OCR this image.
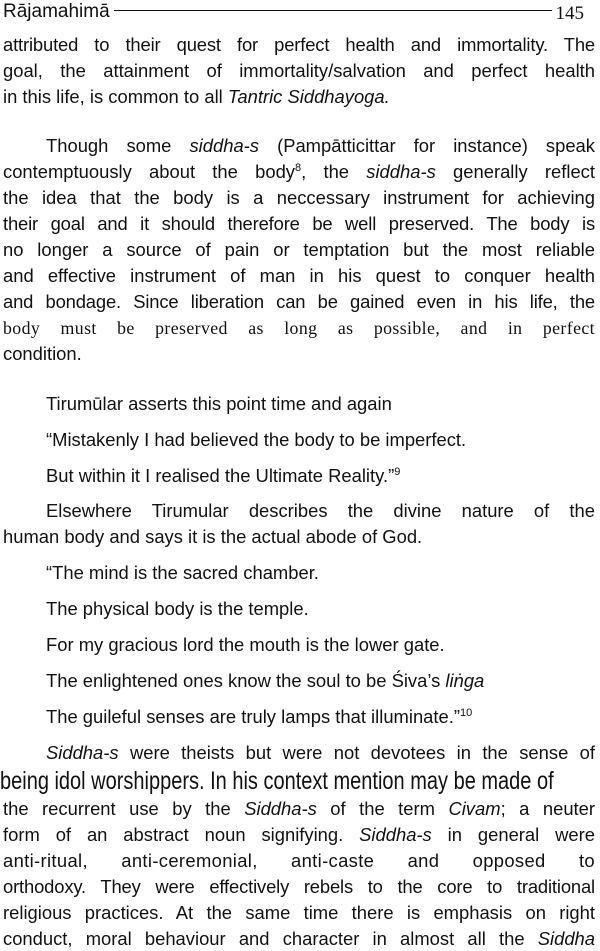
Rājamahimā	145

attributed to their quest for perfect health and immortality. The

goal, the attainment of immortality/salvation and perfect health

in this life, is common to all Tantric Siddhayoga.

Though some siddha-s (Pampātticittar for instance) speak

contemptuously about the body$^8$, the siddha-s generally reflect

the idea that the body is a neccessary instrument for achieving

their goal and it should therefore be well preserved. The body is

no longer a source of pain or temptation but the most reliable

and effective instrument of man in his quest to conquer health

and bondage. Since liberation can be gained even in his life, the

body must be preserved as long as possible, and in perfect

condition.

Tirumūlar asserts this point time and again

“Mistakenly I had believed the body to be imperfect.

But within it I realised the Ultimate Reality.”$^9$

Elsewhere Tirumular describes the divine nature of the

human body and says it is the actual abode of God.

“The mind is the sacred chamber.

The physical body is the temple.

For my gracious lord the mouth is the lower gate.

The enlightened ones know the soul to be Śiva’s liṅga

The guileful senses are truly lamps that illuminate.”$^{10}$

Siddha-s were theists but were not devotees in the sense of

being idol worshippers. In his context mention may be made of

the recurrent use by the Siddha-s of the term Civam; a neuter

form of an abstract noun signifying. Siddha-s in general were

anti-ritual, anti-ceremonial, anti-caste and opposed to

orthodoxy. They were effectively rebels to the core to traditional

religious practices. At the same time there is emphasis on right

conduct, moral behaviour and character in almost all the Siddha
